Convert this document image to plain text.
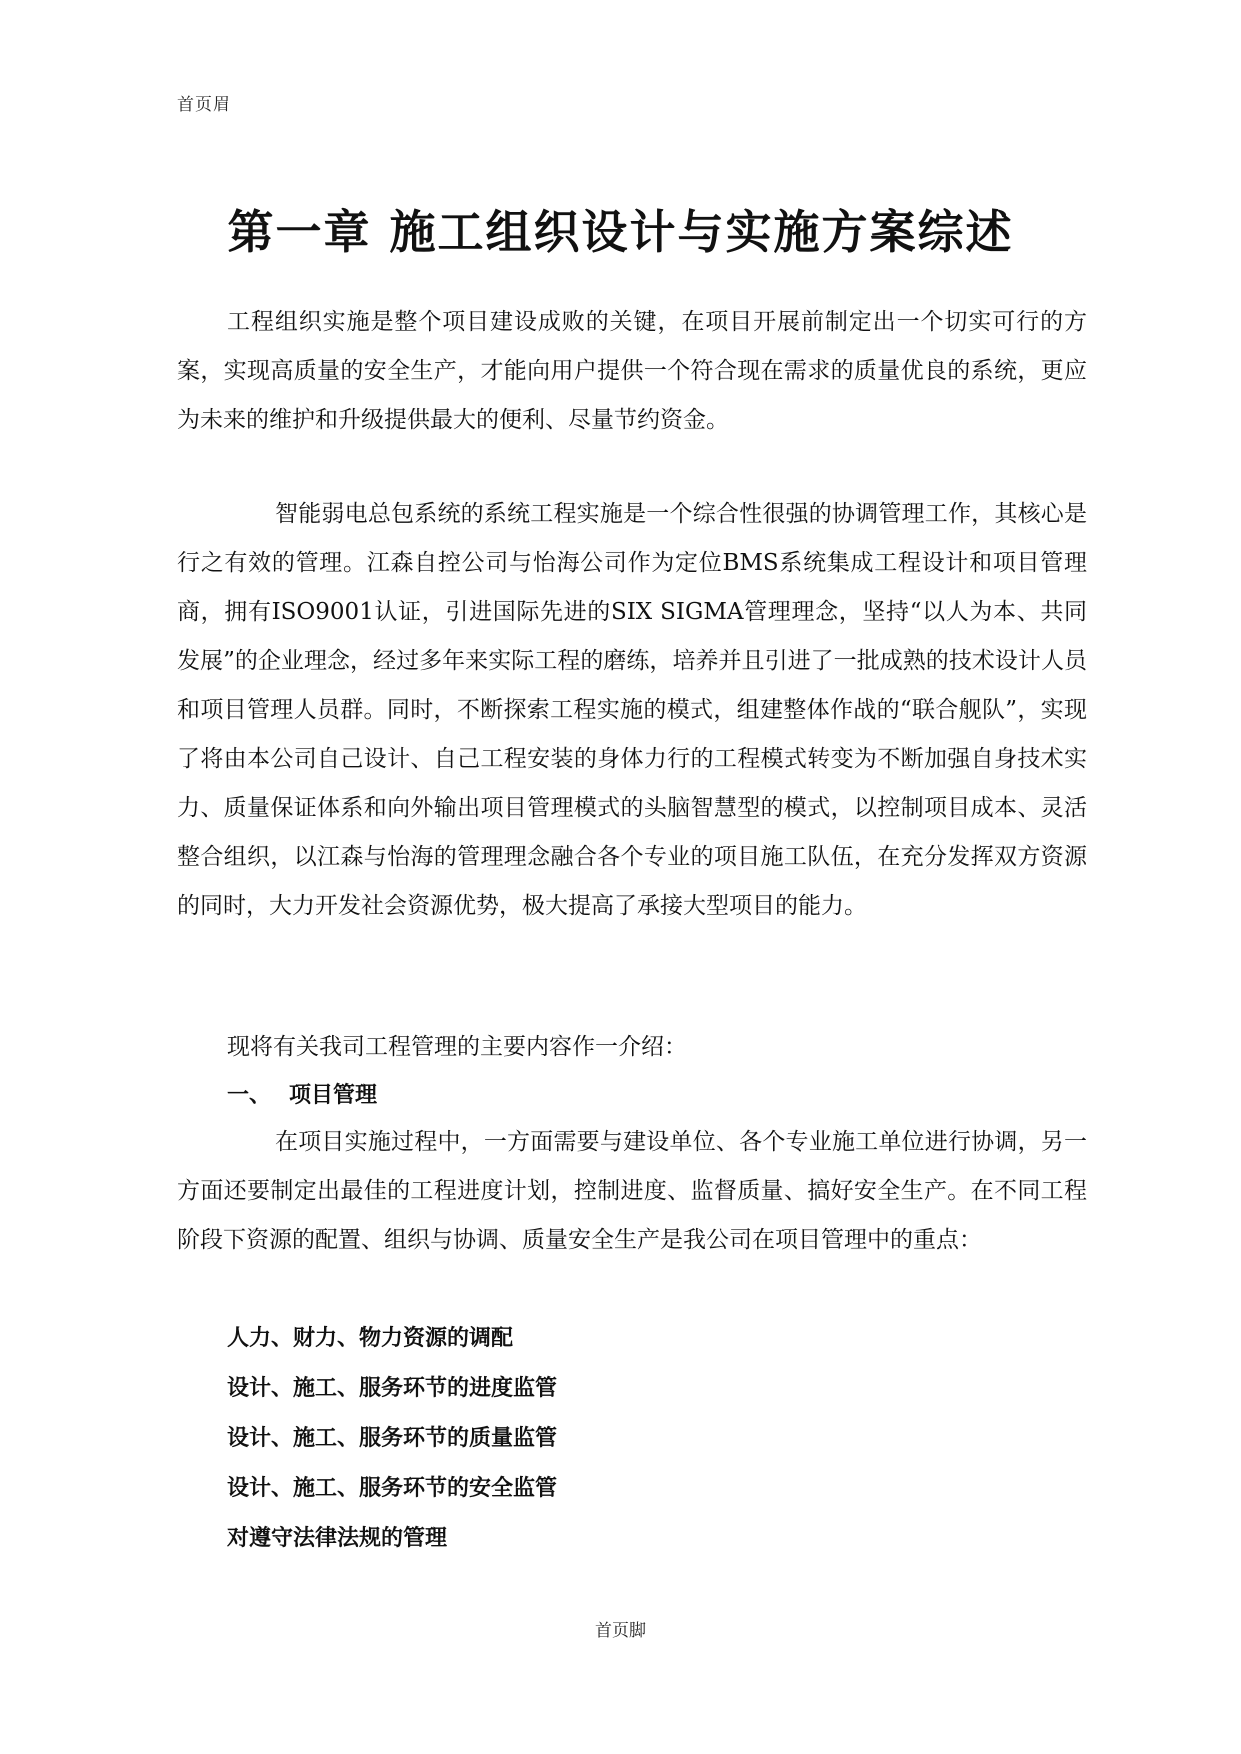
首页眉
第一章 施工组织设计与实施方案综述

工程组织实施是整个项目建设成败的关键，在项目开展前制定出一个切实可行的方案，实现高质量的安全生产，才能向用户提供一个符合现在需求的质量优良的系统，更应为未来的维护和升级提供最大的便利、尽量节约资金。

智能弱电总包系统的系统工程实施是一个综合性很强的协调管理工作，其核心是行之有效的管理。江森自控公司与怡海公司作为定位BMS系统集成工程设计和项目管理商，拥有ISO9001认证，引进国际先进的SIX SIGMA管理理念，坚持“以人为本、共同发展”的企业理念，经过多年来实际工程的磨练，培养并且引进了一批成熟的技术设计人员和项目管理人员群。同时，不断探索工程实施的模式，组建整体作战的“联合舰队”，实现了将由本公司自己设计、自己工程安装的身体力行的工程模式转变为不断加强自身技术实力、质量保证体系和向外输出项目管理模式的头脑智慧型的模式，以控制项目成本、灵活整合组织，以江森与怡海的管理理念融合各个专业的项目施工队伍，在充分发挥双方资源的同时，大力开发社会资源优势，极大提高了承接大型项目的能力。

现将有关我司工程管理的主要内容作一介绍：

一、 项目管理

在项目实施过程中，一方面需要与建设单位、各个专业施工单位进行协调，另一方面还要制定出最佳的工程进度计划，控制进度、监督质量、搞好安全生产。在不同工程阶段下资源的配置、组织与协调、质量安全生产是我公司在项目管理中的重点：

人力、财力、物力资源的调配
设计、施工、服务环节的进度监管
设计、施工、服务环节的质量监管
设计、施工、服务环节的安全监管
对遵守法律法规的管理
首页脚
